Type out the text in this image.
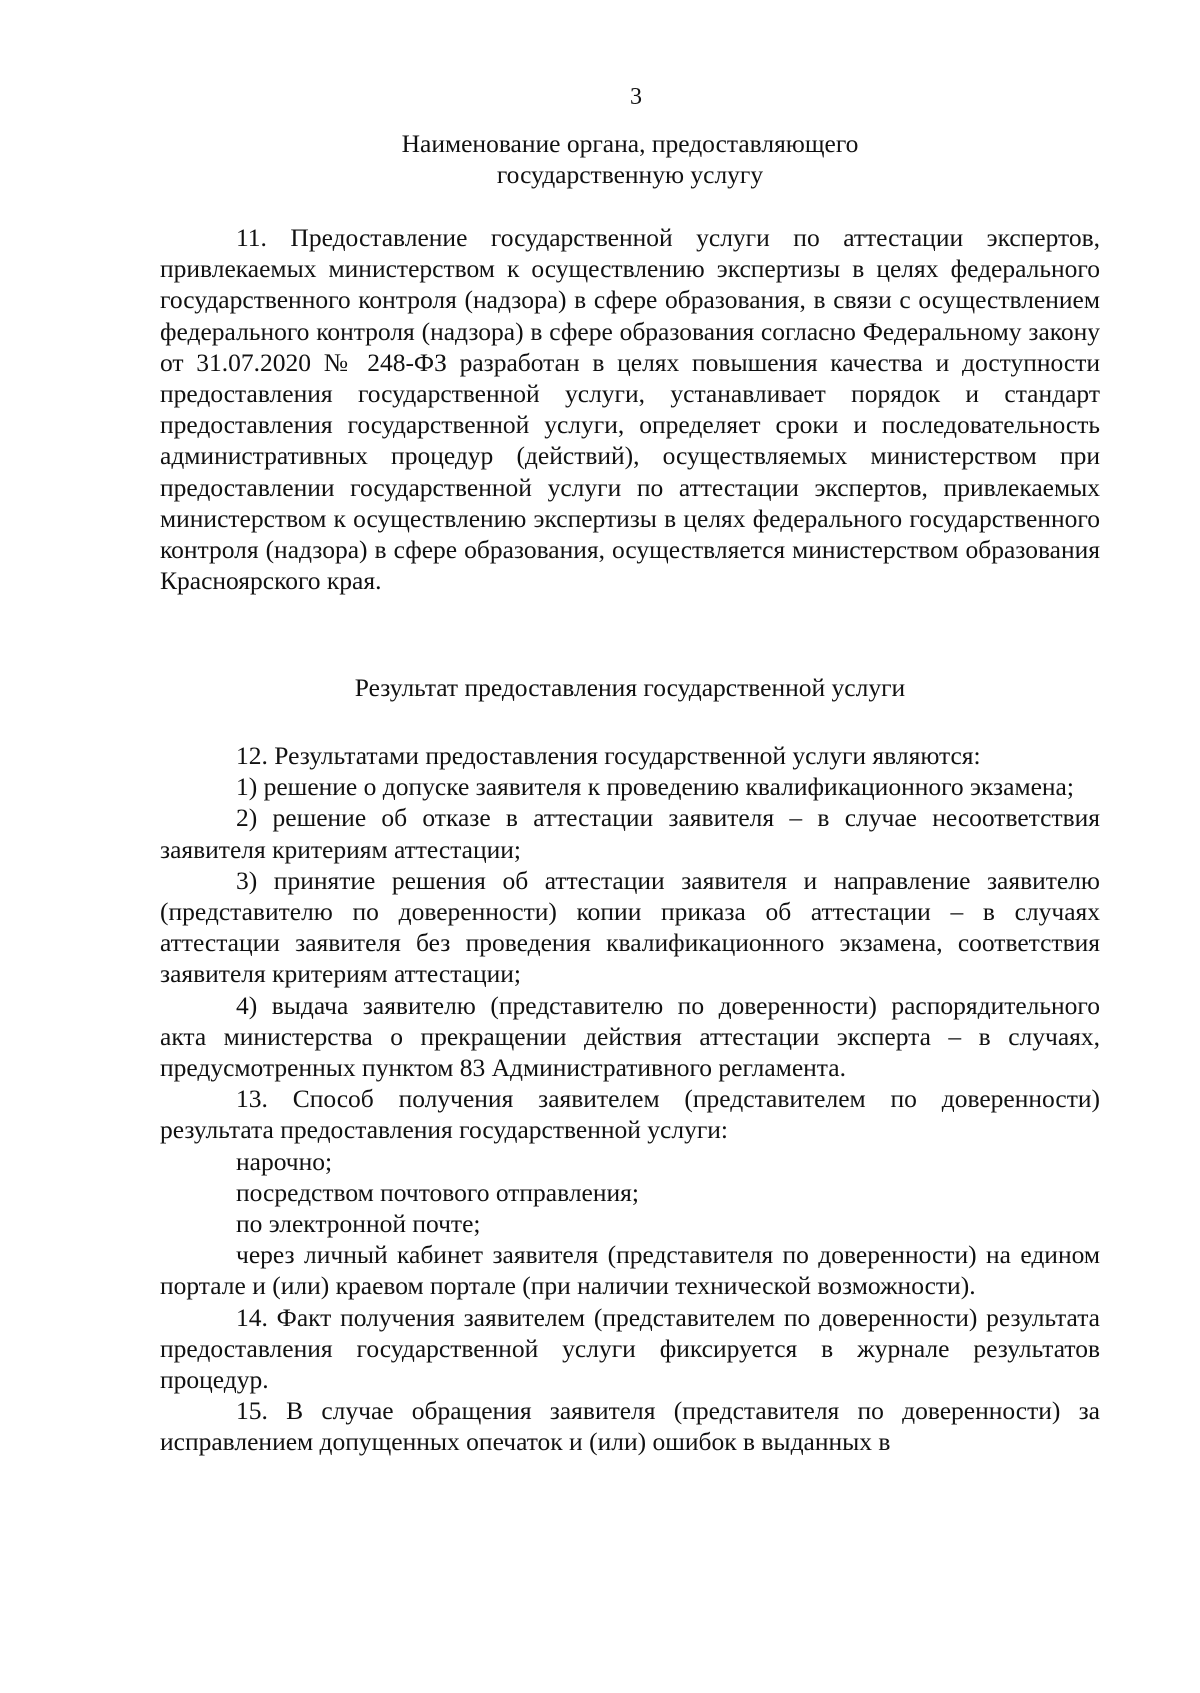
3

Наименование органа, предоставляющего

государственную услугу

11. Предоставление государственной услуги по аттестации экспертов, привлекаемых министерством к осуществлению экспертизы в целях федерального государственного контроля (надзора) в сфере образования, в связи с осуществлением федерального контроля (надзора) в сфере образования согласно Федеральному закону от 31.07.2020 № 248-ФЗ разработан в целях повышения качества и доступности предоставления государственной услуги, устанавливает порядок и стандарт предоставления государственной услуги, определяет сроки и последовательность административных процедур (действий), осуществляемых министерством при предоставлении государственной услуги по аттестации экспертов, привлекаемых министерством к осуществлению экспертизы в целях федерального государственного контроля (надзора) в сфере образования, осуществляется министерством образования Красноярского края.

Результат предоставления государственной услуги

12. Результатами предоставления государственной услуги являются:

1) решение о допуске заявителя к проведению квалификационного экзамена;

2) решение об отказе в аттестации заявителя – в случае несоответствия заявителя критериям аттестации;

3) принятие решения об аттестации заявителя и направление заявителю (представителю по доверенности) копии приказа об аттестации – в случаях аттестации заявителя без проведения квалификационного экзамена, соответствия заявителя критериям аттестации;

4) выдача заявителю (представителю по доверенности) распорядительного акта министерства о прекращении действия аттестации эксперта – в случаях, предусмотренных пунктом 83 Административного регламента.

13. Способ получения заявителем (представителем по доверенности) результата предоставления государственной услуги:

нарочно;

посредством почтового отправления;

по электронной почте;

через личный кабинет заявителя (представителя по доверенности) на едином портале и (или) краевом портале (при наличии технической возможности).

14. Факт получения заявителем (представителем по доверенности) результата предоставления государственной услуги фиксируется в журнале результатов процедур.

15. В случае обращения заявителя (представителя по доверенности) за исправлением допущенных опечаток и (или) ошибок в выданных в
